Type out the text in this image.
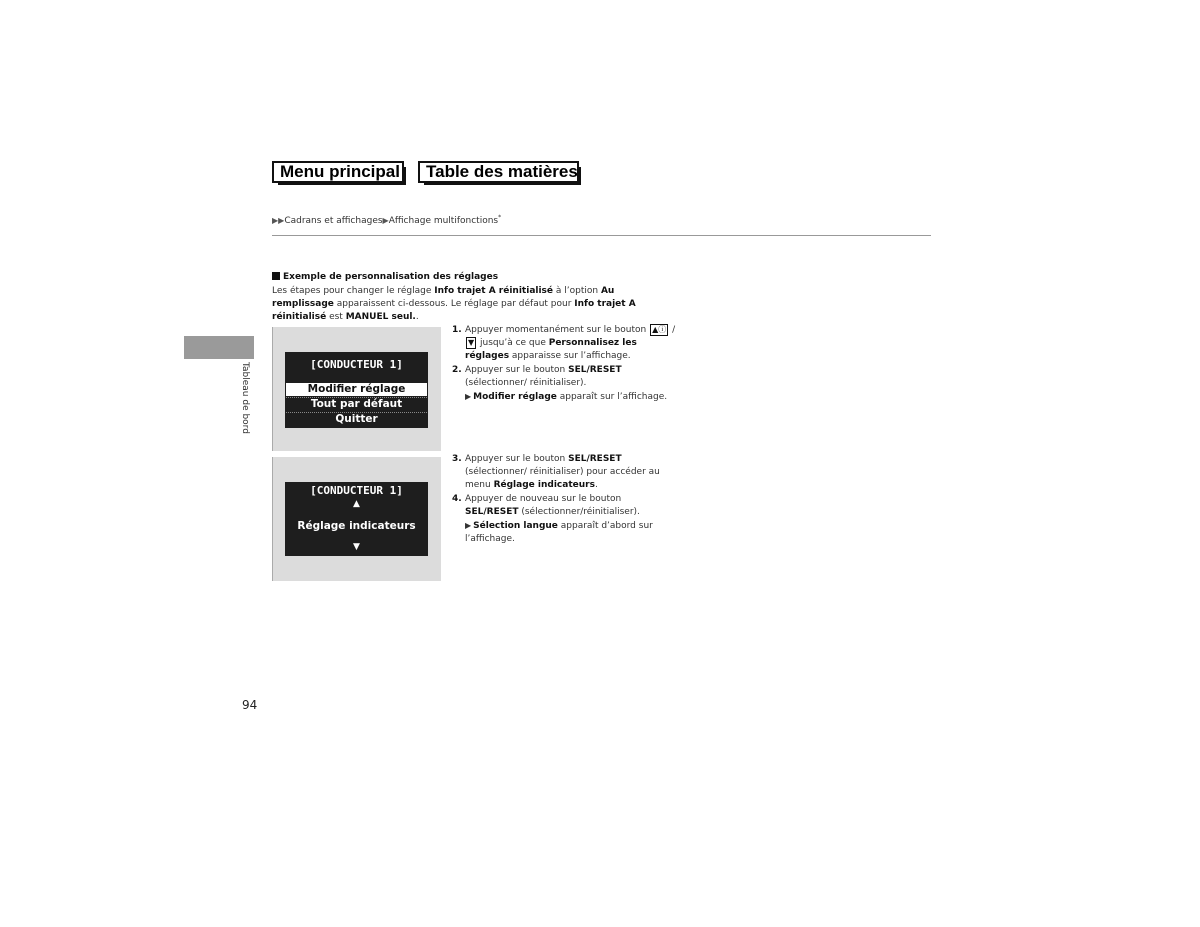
Menu principal	Table des matières
▶▶Cadrans et affichages▶Affichage multifonctions*
Tableau de bord
Exemple de personnalisation des réglages
Les étapes pour changer le réglage Info trajet A réinitialisé à l’option Au remplissage apparaissent ci-dessous. Le réglage par défaut pour Info trajet A réinitialisé est MANUEL seul..
[CONDUCTEUR 1]
Modifier réglage
Tout par défaut
Quitter
[CONDUCTEUR 1]
▲
Réglage indicateurs
▼
1. Appuyer momentanément sur le bouton ▲ⓘ / ▼ jusqu’à ce que Personnalisez les réglages apparaisse sur l’affichage.
2. Appuyer sur le bouton SEL/RESET (sélectionner/ réinitialiser).
▶ Modifier réglage apparaît sur l’affichage.
3. Appuyer sur le bouton SEL/RESET (sélectionner/ réinitialiser) pour accéder au menu Réglage indicateurs.
4. Appuyer de nouveau sur le bouton SEL/RESET (sélectionner/réinitialiser).
▶ Sélection langue apparaît d’abord sur l’affichage.
94
